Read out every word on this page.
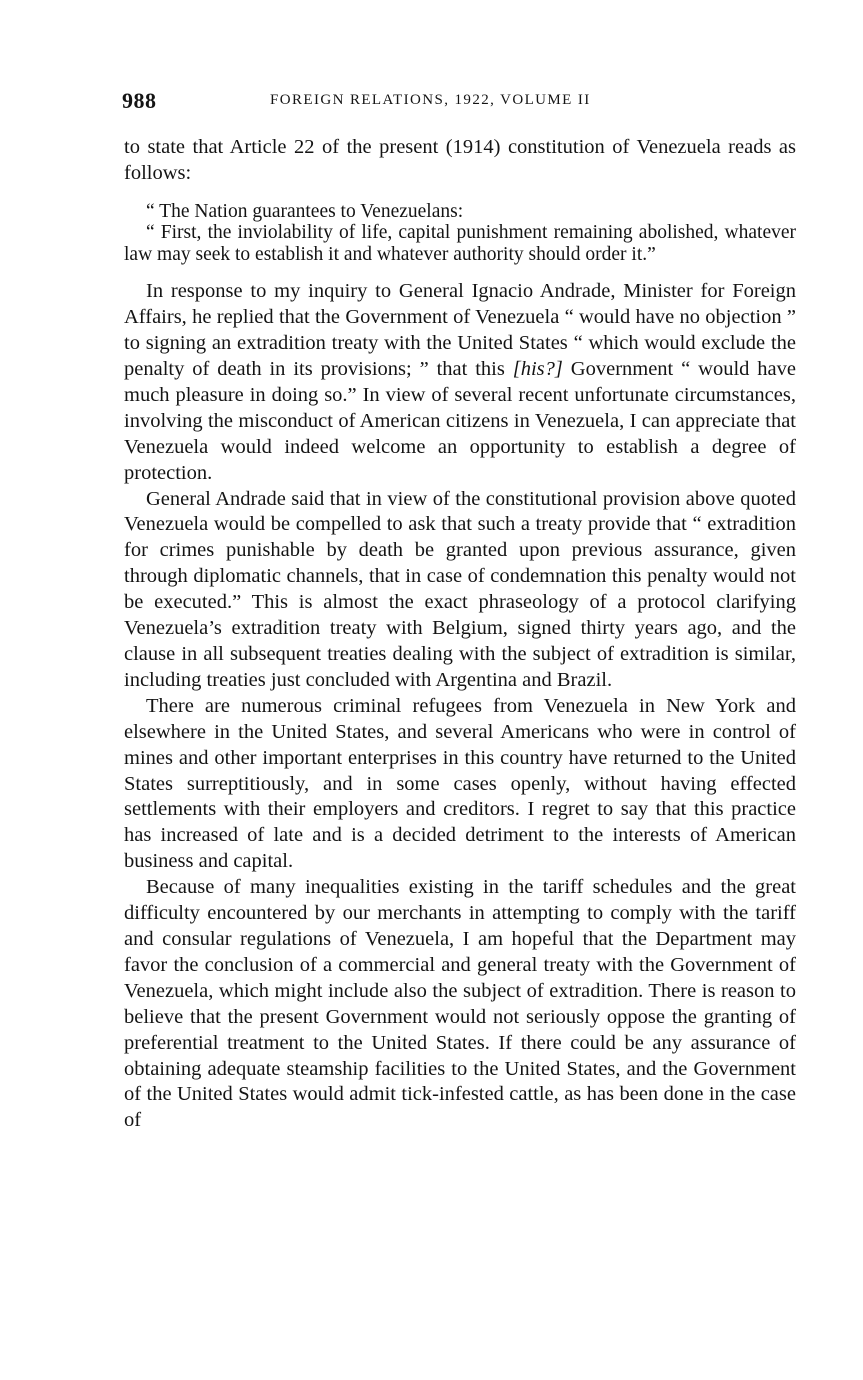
988	FOREIGN RELATIONS, 1922, VOLUME II

to state that Article 22 of the present (1914) constitution of Venezuela reads as follows:

“ The Nation guarantees to Venezuelans:

“ First, the inviolability of life, capital punishment remaining abolished, whatever law may seek to establish it and whatever authority should order it.”

In response to my inquiry to General Ignacio Andrade, Minister for Foreign Affairs, he replied that the Government of Venezuela “ would have no objection ” to signing an extradition treaty with the United States “ which would exclude the penalty of death in its provisions; ” that this [his?] Government “ would have much pleasure in doing so.” In view of several recent unfortunate circumstances, involving the misconduct of American citizens in Venezuela, I can appreciate that Venezuela would indeed welcome an opportunity to establish a degree of protection.

General Andrade said that in view of the constitutional provision above quoted Venezuela would be compelled to ask that such a treaty provide that “ extradition for crimes punishable by death be granted upon previous assurance, given through diplomatic channels, that in case of condemnation this penalty would not be executed.” This is almost the exact phraseology of a protocol clarifying Venezuela’s extradition treaty with Belgium, signed thirty years ago, and the clause in all subsequent treaties dealing with the subject of extradition is similar, including treaties just concluded with Argentina and Brazil.

There are numerous criminal refugees from Venezuela in New York and elsewhere in the United States, and several Americans who were in control of mines and other important enterprises in this country have returned to the United States surreptitiously, and in some cases openly, without having effected settlements with their employers and creditors. I regret to say that this practice has increased of late and is a decided detriment to the interests of American business and capital.

Because of many inequalities existing in the tariff schedules and the great difficulty encountered by our merchants in attempting to comply with the tariff and consular regulations of Venezuela, I am hopeful that the Department may favor the conclusion of a commercial and general treaty with the Government of Venezuela, which might include also the subject of extradition. There is reason to believe that the present Government would not seriously oppose the granting of preferential treatment to the United States. If there could be any assurance of obtaining adequate steamship facilities to the United States, and the Government of the United States would admit tick-infested cattle, as has been done in the case of
